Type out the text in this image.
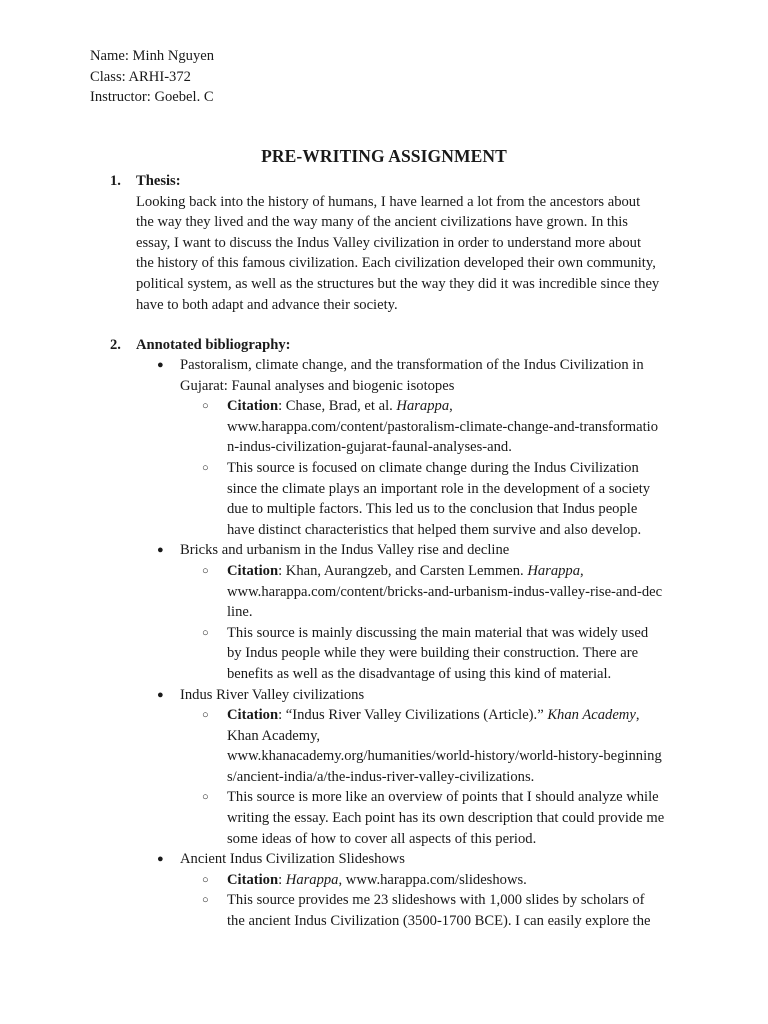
Name: Minh Nguyen
Class: ARHI-372
Instructor: Goebel. C
PRE-WRITING ASSIGNMENT
1. Thesis:
Looking back into the history of humans, I have learned a lot from the ancestors about
the way they lived and the way many of the ancient civilizations have grown. In this
essay, I want to discuss the Indus Valley civilization in order to understand more about
the history of this famous civilization. Each civilization developed their own community,
political system, as well as the structures but the way they did it was incredible since they
have to both adapt and advance their society.
2. Annotated bibliography:
● Pastoralism, climate change, and the transformation of the Indus Civilization in
Gujarat: Faunal analyses and biogenic isotopes
○ Citation: Chase, Brad, et al. Harappa,
www.harappa.com/content/pastoralism-climate-change-and-transformatio
n-indus-civilization-gujarat-faunal-analyses-and.
○ This source is focused on climate change during the Indus Civilization
since the climate plays an important role in the development of a society
due to multiple factors. This led us to the conclusion that Indus people
have distinct characteristics that helped them survive and also develop.
● Bricks and urbanism in the Indus Valley rise and decline
○ Citation: Khan, Aurangzeb, and Carsten Lemmen. Harappa,
www.harappa.com/content/bricks-and-urbanism-indus-valley-rise-and-dec
line.
○ This source is mainly discussing the main material that was widely used
by Indus people while they were building their construction. There are
benefits as well as the disadvantage of using this kind of material.
● Indus River Valley civilizations
○ Citation: “Indus River Valley Civilizations (Article).” Khan Academy,
Khan Academy,
www.khanacademy.org/humanities/world-history/world-history-beginning
s/ancient-india/a/the-indus-river-valley-civilizations.
○ This source is more like an overview of points that I should analyze while
writing the essay. Each point has its own description that could provide me
some ideas of how to cover all aspects of this period.
● Ancient Indus Civilization Slideshows
○ Citation: Harappa, www.harappa.com/slideshows.
○ This source provides me 23 slideshows with 1,000 slides by scholars of
the ancient Indus Civilization (3500-1700 BCE). I can easily explore the
